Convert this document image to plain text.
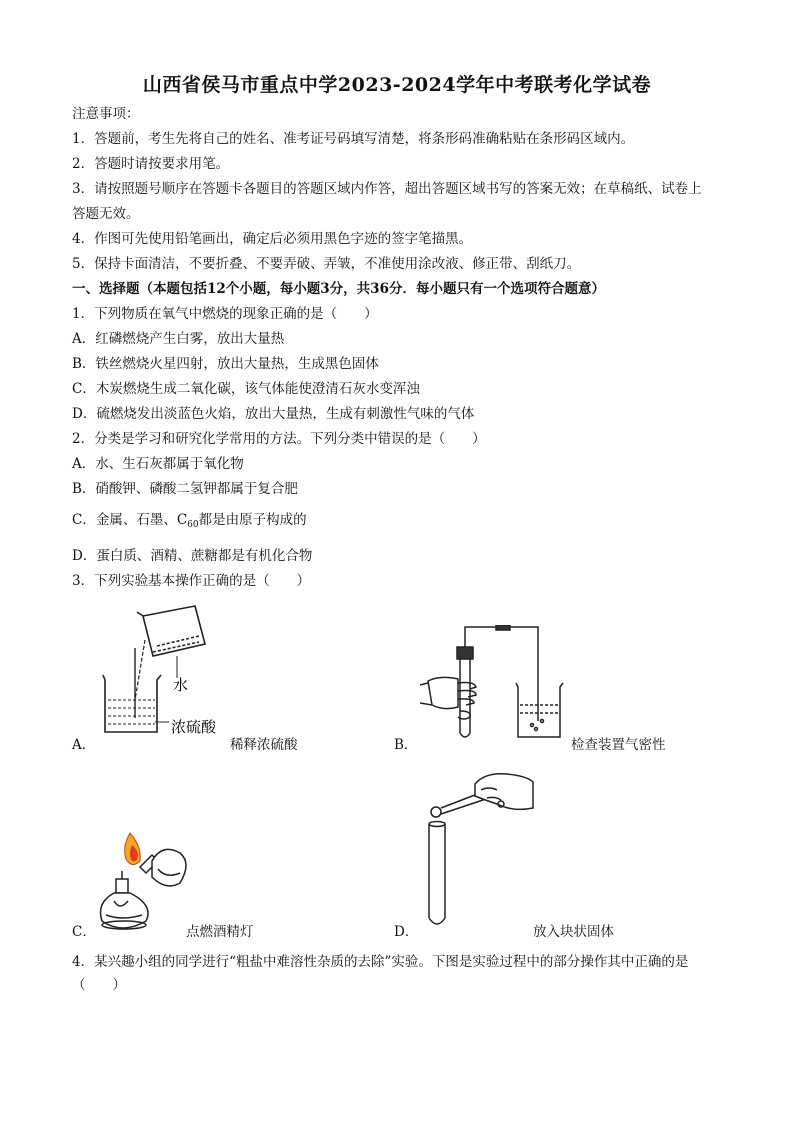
山西省侯马市重点中学2023-2024学年中考联考化学试卷
注意事项：
1．答题前，考生先将自己的姓名、准考证号码填写清楚，将条形码准确粘贴在条形码区域内。
2．答题时请按要求用笔。
3．请按照题号顺序在答题卡各题目的答题区域内作答，超出答题区域书写的答案无效；在草稿纸、试卷上
答题无效。
4．作图可先使用铅笔画出，确定后必须用黑色字迹的签字笔描黑。
5．保持卡面清洁，不要折叠、不要弄破、弄皱，不准使用涂改液、修正带、刮纸刀。
一、选择题（本题包括12个小题，每小题3分，共36分．每小题只有一个选项符合题意）
1．下列物质在氧气中燃烧的现象正确的是（　　）
A．红磷燃烧产生白雾，放出大量热
B．铁丝燃烧火星四射，放出大量热，生成黑色固体
C．木炭燃烧生成二氧化碳，该气体能使澄清石灰水变浑浊
D．硫燃烧发出淡蓝色火焰，放出大量热，生成有刺激性气味的气体
2．分类是学习和研究化学常用的方法。下列分类中错误的是（　　）
A．水、生石灰都属于氧化物
B．硝酸钾、磷酸二氢钾都属于复合肥
C．金属、石墨、$C_{60}$都是由原子构成的
D．蛋白质、酒精、蔗糖都是有机化合物
3．下列实验基本操作正确的是（　　）
A．
水
浓硫酸
稀释浓硫酸	B．	检查装置气密性
C．	点燃酒精灯	D．	放入块状固体
4．某兴趣小组的同学进行“粗盐中难溶性杂质的去除”实验。下图是实验过程中的部分操作其中正确的是
（　　）
